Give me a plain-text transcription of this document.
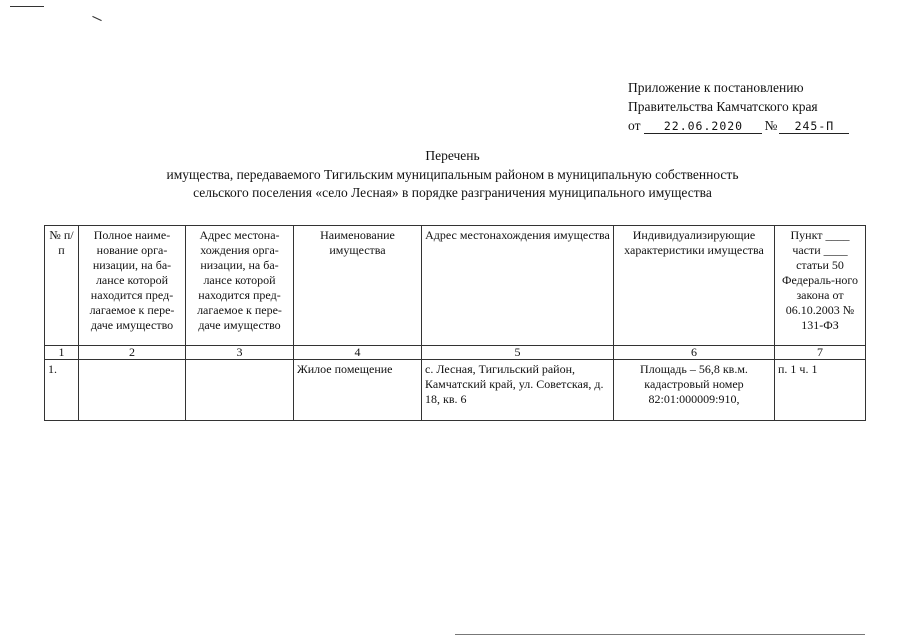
Приложение к постановлению
Правительства Камчатского края
от 22.06.2020 № 245-П
Перечень
имущества, передаваемого Тигильским муниципальным районом в муниципальную собственность
сельского поселения «село Лесная» в порядке разграничения муниципального имущества
№ п/п	Полное наиме-нование орга-низации, на ба-лансе которой находится пред-лагаемое к пере-даче имущество	Адрес местона-хождения орга-низации, на ба-лансе которой находится пред-лагаемое к пере-даче имущество	Наименование имущества	Адрес местонахождения имущества	Индивидуализирующие характеристики имущества	Пункт ____ части ____ статьи 50 Федераль-ного закона от 06.10.2003 № 131-ФЗ
1	2	3	4	5	6	7
1.			Жилое помещение	с. Лесная, Тигильский район, Камчатский край, ул. Советская, д. 18, кв. 6	Площадь – 56,8 кв.м. кадастровый номер 82:01:000009:910,	п. 1 ч. 1
